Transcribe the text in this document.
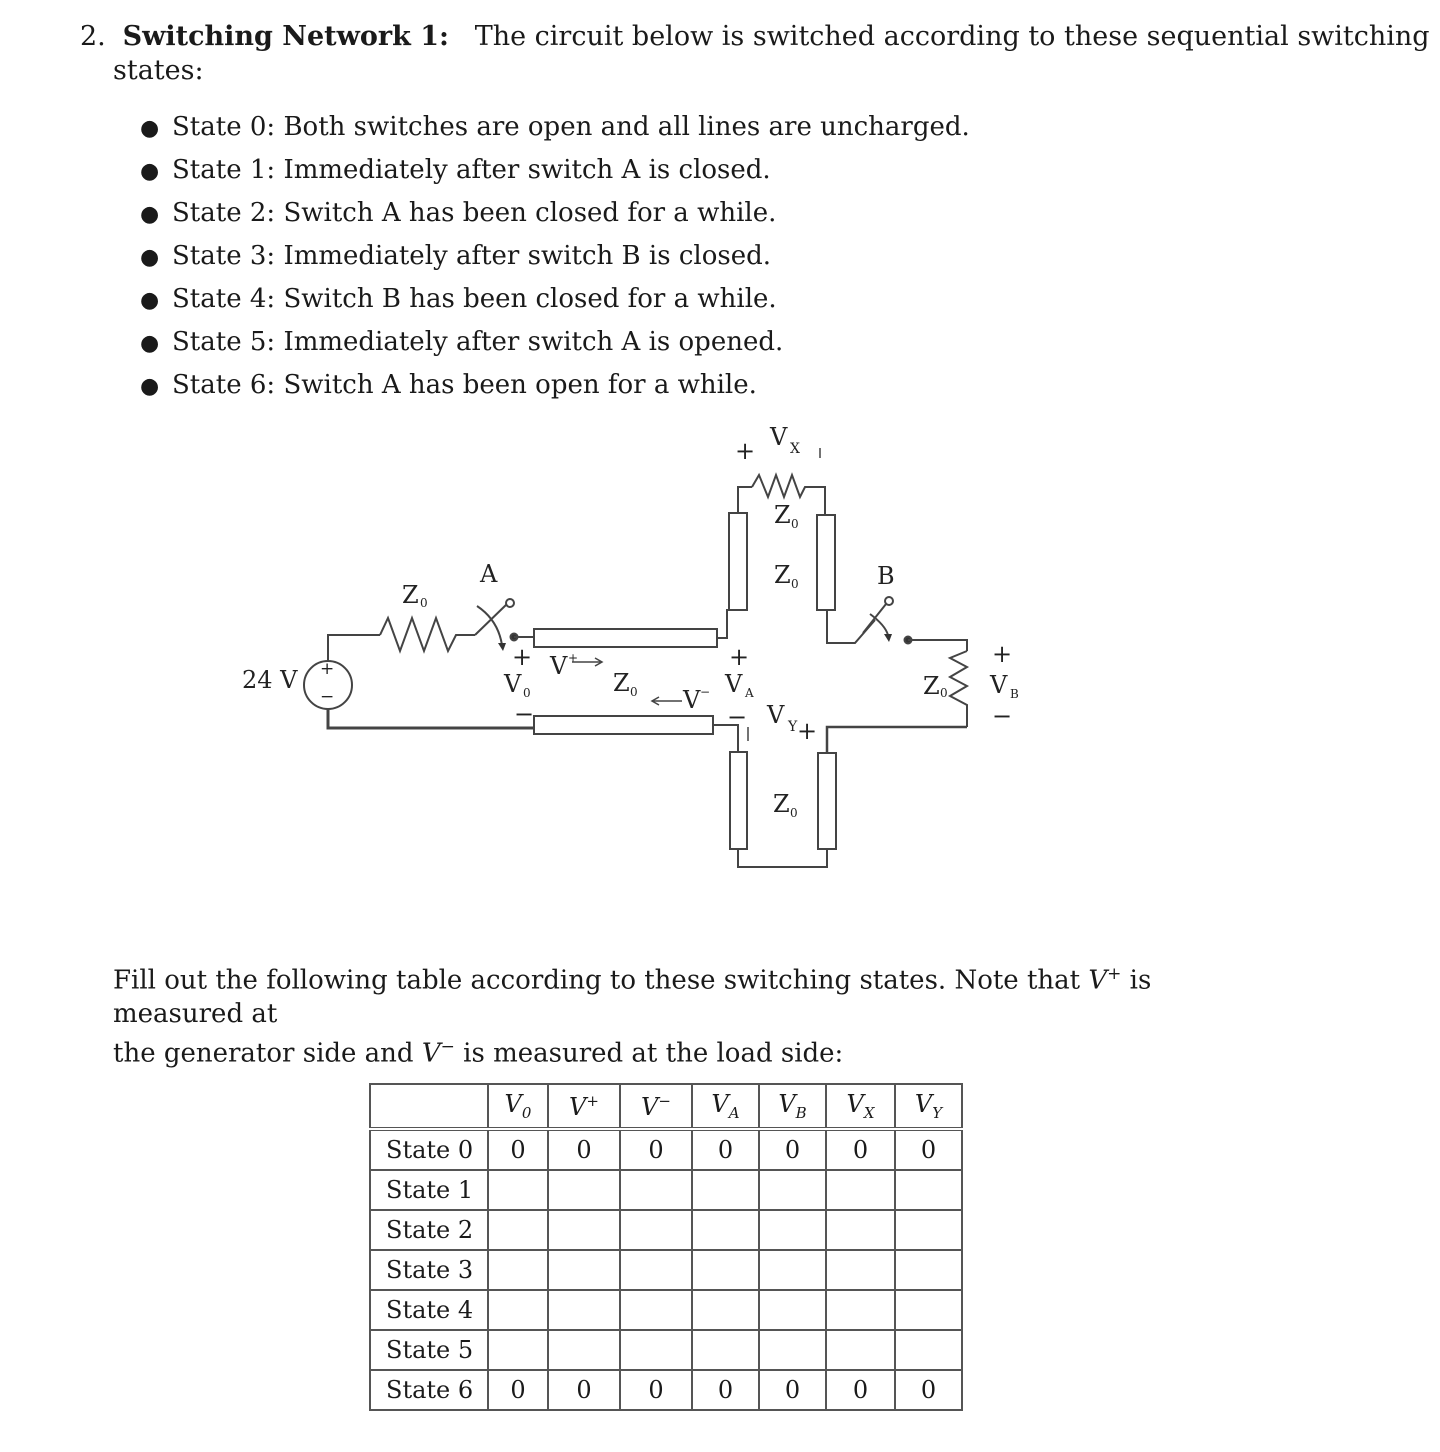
2. Switching Network 1: The circuit below is switched according to these sequential switching
states:
● State 0: Both switches are open and all lines are uncharged.
● State 1: Immediately after switch A is closed.
● State 2: Switch A has been closed for a while.
● State 3: Immediately after switch B is closed.
● State 4: Switch B has been closed for a while.
● State 5: Immediately after switch A is opened.
● State 6: Switch A has been open for a while.
24 V +
−
Z 0
A
+
V 0
−
V +
Z 0 V −
+
V A
− V Y +
+ V X
Z 0
Z 0	B
Z 0
+
V B
−
Z 0
Fill out the following table according to these switching states. Note that V+ is measured at
the generator side and V− is measured at the load side:
	$V_0$	V+	V−	$V_A$	$V_B$	$V_X$	$V_Y$
State 0	0	0	0	0	0	0	0
State 1							
State 2							
State 3							
State 4							
State 5							
State 6	0	0	0	0	0	0	0
